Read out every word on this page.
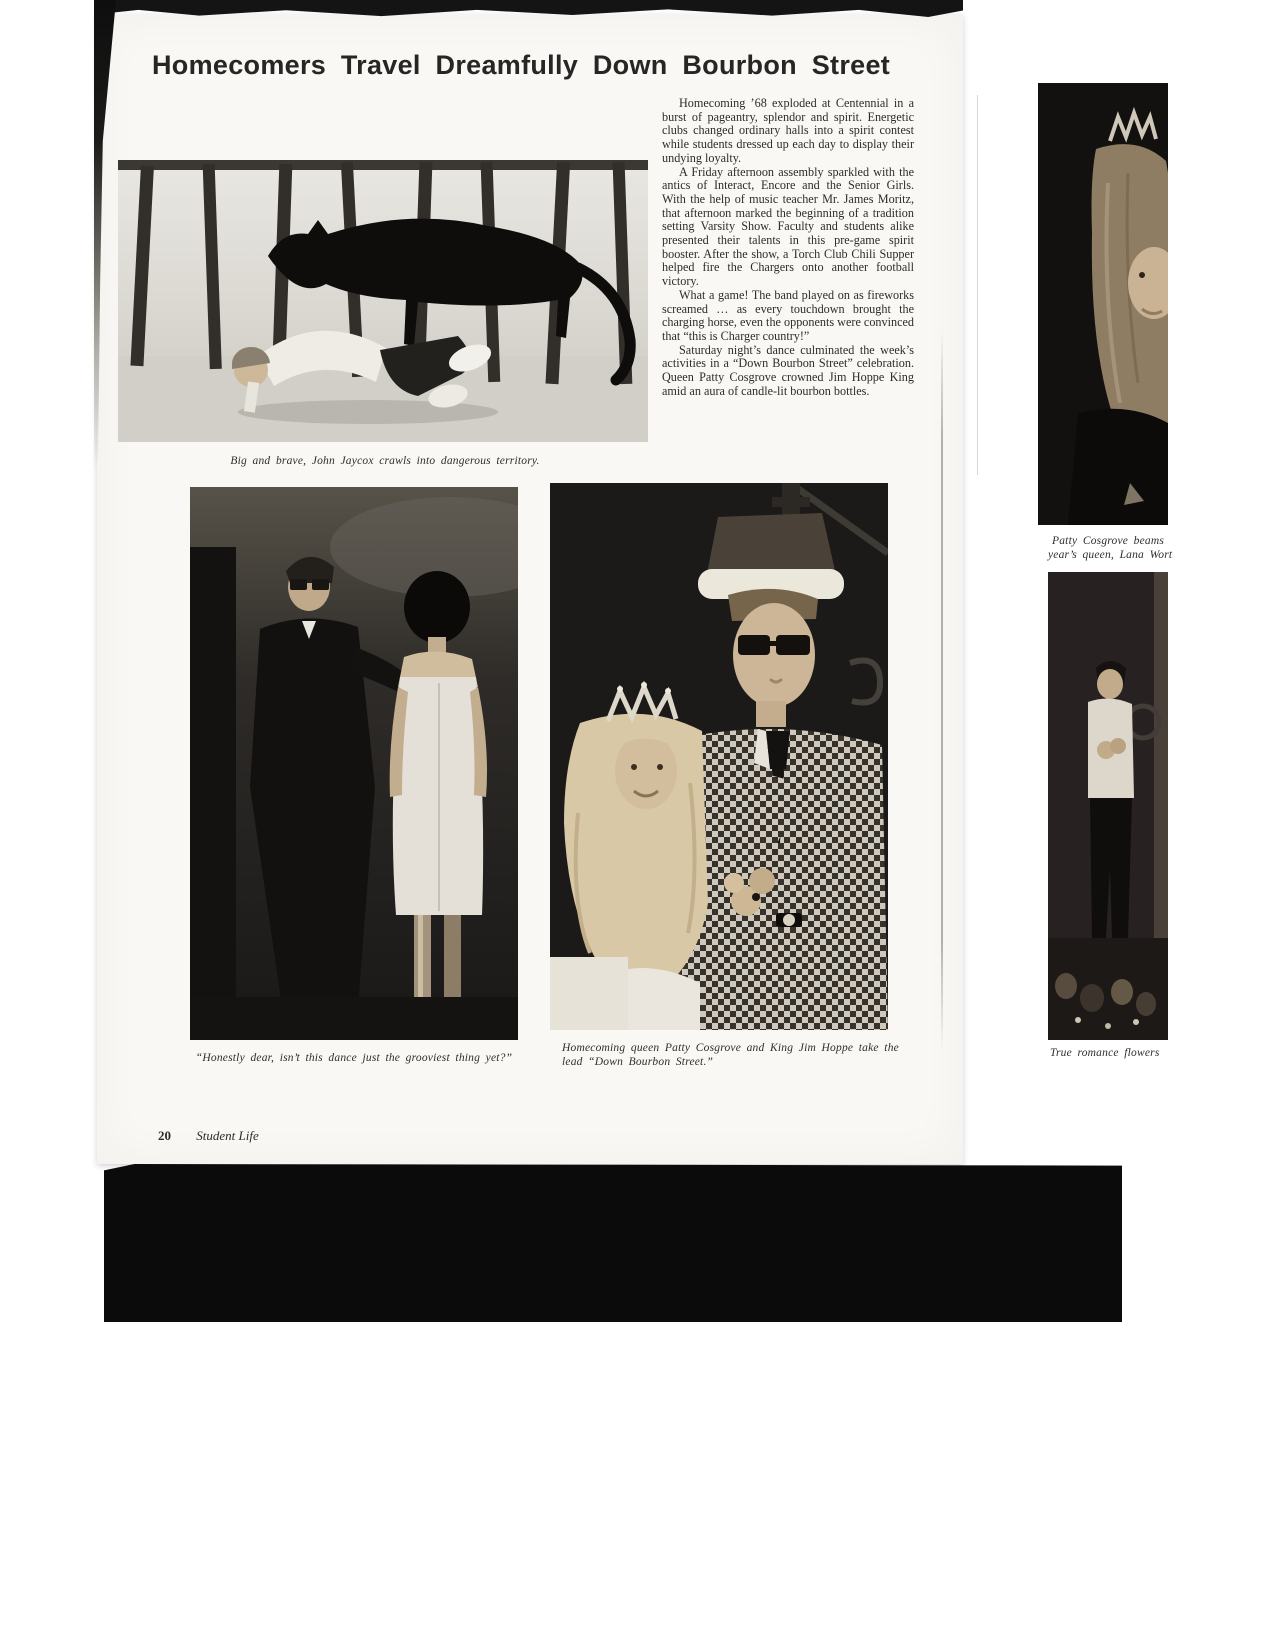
Homecomers Travel Dreamfully Down Bourbon Street
Big and brave, John Jaycox crawls into dangerous territory.

Homecoming ’68 exploded at Centennial in a burst of pageantry, splendor and spirit. Energetic clubs changed ordinary halls into a spirit contest while students dressed up each day to display their undying loyalty.

A Friday afternoon assembly sparkled with the antics of Interact, Encore and the Senior Girls. With the help of music teacher Mr. James Moritz, that afternoon marked the beginning of a tradition setting Varsity Show. Faculty and students alike presented their talents in this pre-game spirit booster. After the show, a Torch Club Chili Supper helped fire the Chargers onto another football victory.

What a game! The band played on as fireworks screamed … as every touchdown brought the charging horse, even the opponents were convinced that “this is Charger country!”

Saturday night’s dance culminated the week’s activities in a “Down Bourbon Street” celebration. Queen Patty Cosgrove crowned Jim Hoppe King amid an aura of candle-lit bourbon bottles.

“Honestly dear, isn’t this dance just the grooviest thing yet?”
Homecoming queen Patty Cosgrove and King Jim Hoppe take the lead “Down Bourbon Street.”
Patty Cosgrove beams
year’s queen, Lana Wort
True romance flowers
20 Student Life
